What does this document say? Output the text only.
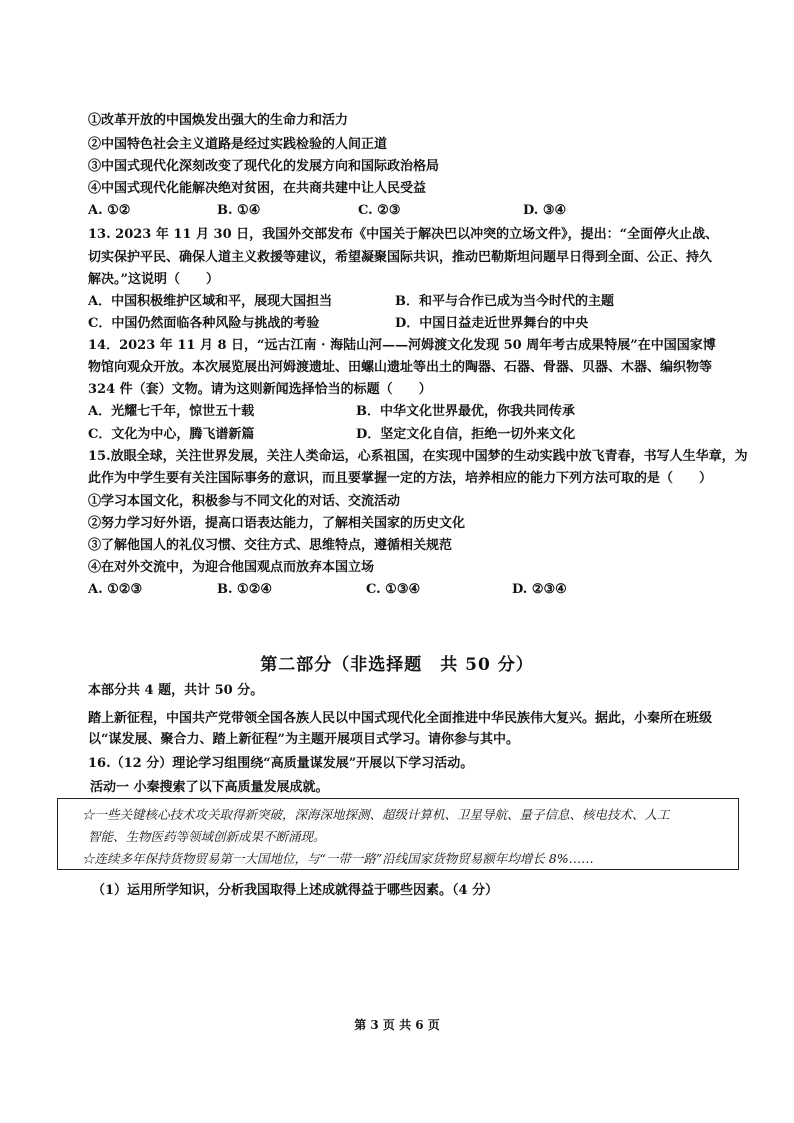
①改革开放的中国焕发出强大的生命力和活力
②中国特色社会主义道路是经过实践检验的人间正道
③中国式现代化深刻改变了现代化的发展方向和国际政治格局
④中国式现代化能解决绝对贫困，在共商共建中让人民受益
A. ①②	B. ①④	C. ②③	D. ③④
13. 2023 年 11 月 30 日，我国外交部发布《中国关于解决巴以冲突的立场文件》，提出：“全面停火止战、
切实保护平民、确保人道主义救援等建议，希望凝聚国际共识，推动巴勒斯坦问题早日得到全面、公正、持久
解决。”这说明（　　）
A．中国积极维护区域和平，展现大国担当	B．和平与合作已成为当今时代的主题
C．中国仍然面临各种风险与挑战的考验	D．中国日益走近世界舞台的中央
14．2023 年 11 月 8 日，“远古江南 · 海陆山河——河姆渡文化发现 50 周年考古成果特展”在中国国家博
物馆向观众开放。本次展览展出河姆渡遗址、田螺山遗址等出土的陶器、石器、骨器、贝器、木器、编织物等
324 件（套）文物。请为这则新闻选择恰当的标题（　　）
A．光耀七千年，惊世五十载	B．中华文化世界最优，你我共同传承
C．文化为中心，腾飞谱新篇	D．坚定文化自信，拒绝一切外来文化
15.放眼全球，关注世界发展，关注人类命运，心系祖国，在实现中国梦的生动实践中放飞青春，书写人生华章，为
此作为中学生要有关注国际事务的意识，而且要掌握一定的方法，培养相应的能力下列方法可取的是（　　）
①学习本国文化，积极参与不同文化的对话、交流活动
②努力学习好外语，提高口语表达能力，了解相关国家的历史文化
③了解他国人的礼仪习惯、交往方式、思维特点，遵循相关规范
④在对外交流中，为迎合他国观点而放弃本国立场
A. ①②③	B. ①②④	C. ①③④	D. ②③④
第二部分（非选择题　共 50 分）
本部分共 4 题，共计 50 分。
踏上新征程，中国共产党带领全国各族人民以中国式现代化全面推进中华民族伟大复兴。据此，小秦所在班级
以“谋发展、聚合力、踏上新征程”为主题开展项目式学习。请你参与其中。
16.（12 分）理论学习组围绕“高质量谋发展”开展以下学习活动。
活动一 小秦搜索了以下高质量发展成就。
☆一些关键核心技术攻关取得新突破，深海深地探测、超级计算机、卫星导航、量子信息、核电技术、人工
智能、生物医药等领域创新成果不断涌现。
☆连续多年保持货物贸易第一大国地位，与“一带一路”沿线国家货物贸易额年均增长 8%……
（1）运用所学知识，分析我国取得上述成就得益于哪些因素。（4 分）
第 3 页 共 6 页
